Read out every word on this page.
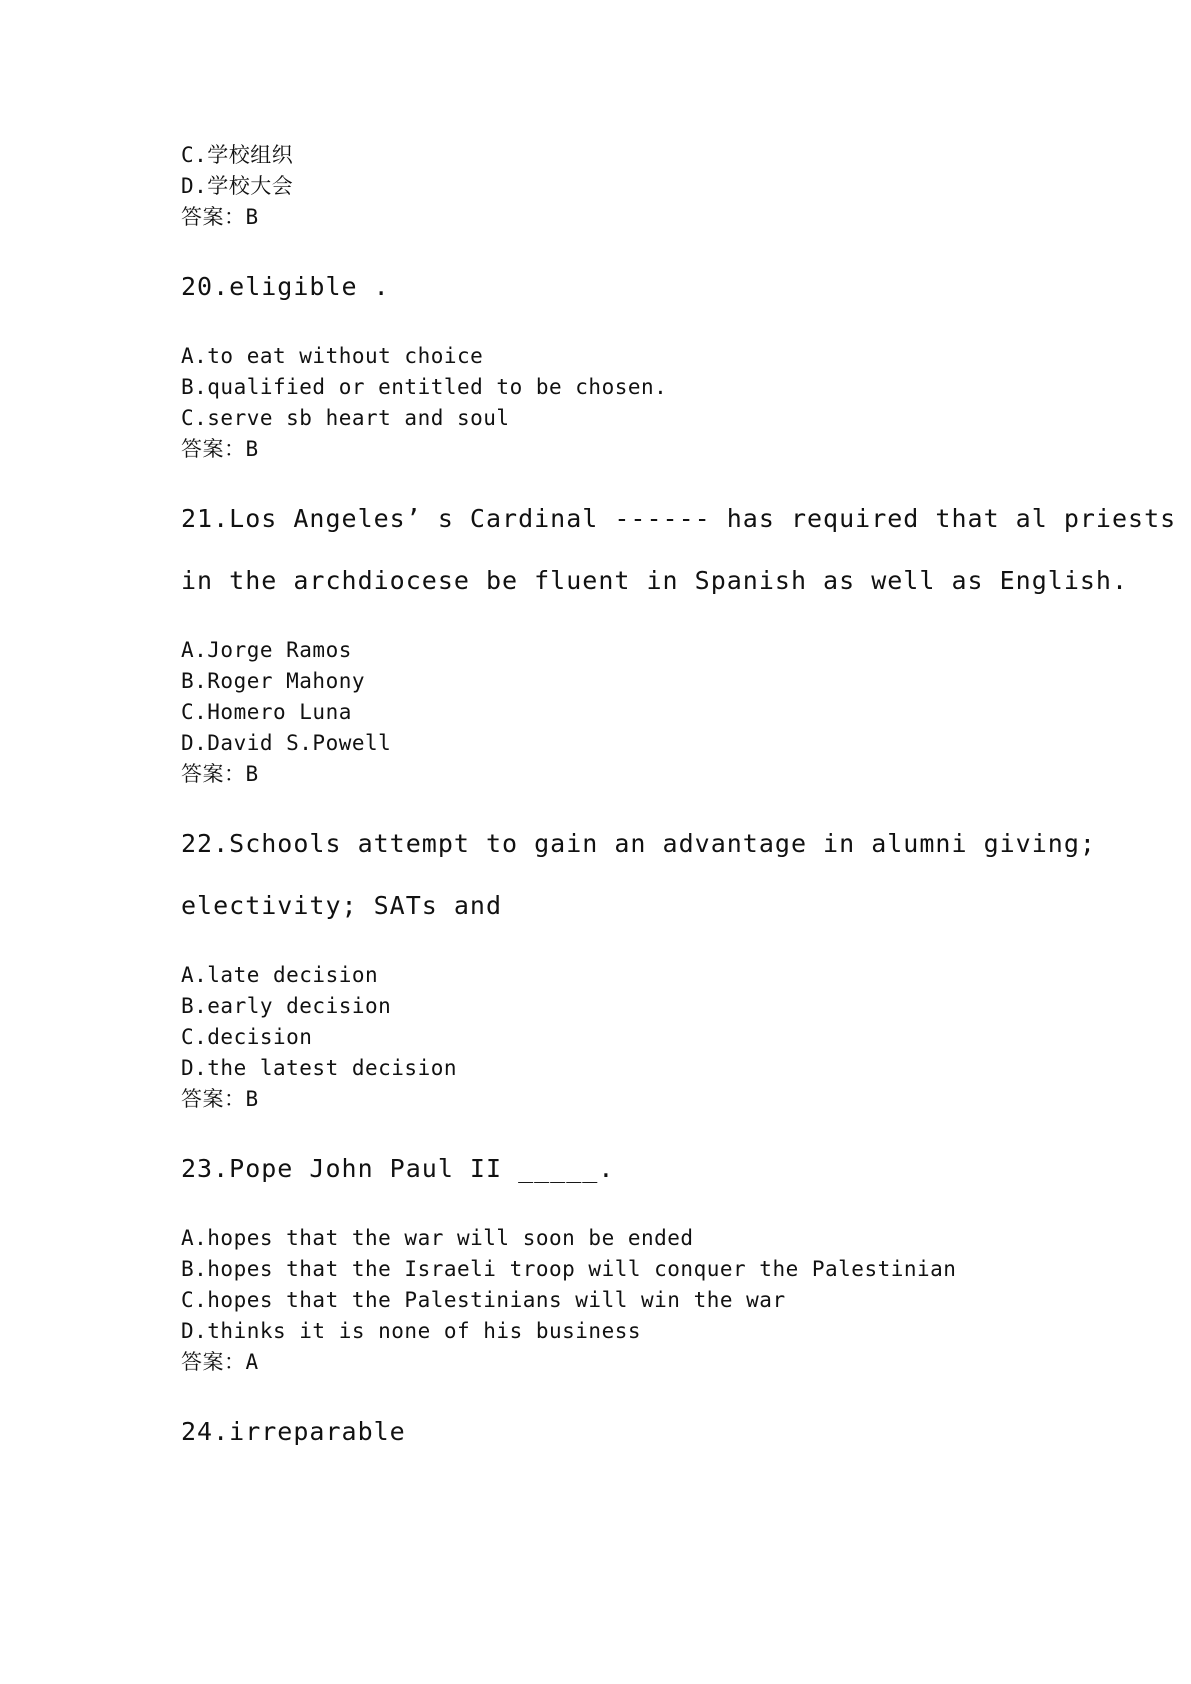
C.学校组织
D.学校大会
答案：B
20.eligible .
A.to eat without choice
B.qualified or entitled to be chosen.
C.serve sb heart and soul
答案：B
21.Los Angeles’ s Cardinal ------ has required that al priests
in the archdiocese be fluent in Spanish as well as English.
A.Jorge Ramos
B.Roger Mahony
C.Homero Luna
D.David S.Powell
答案：B
22.Schools attempt to gain an advantage in alumni giving;
electivity; SATs and
A.late decision
B.early decision
C.decision
D.the latest decision
答案：B
23.Pope John Paul II _____.
A.hopes that the war will soon be ended
B.hopes that the Israeli troop will conquer the Palestinian
C.hopes that the Palestinians will win the war
D.thinks it is none of his business
答案：A
24.irreparable
